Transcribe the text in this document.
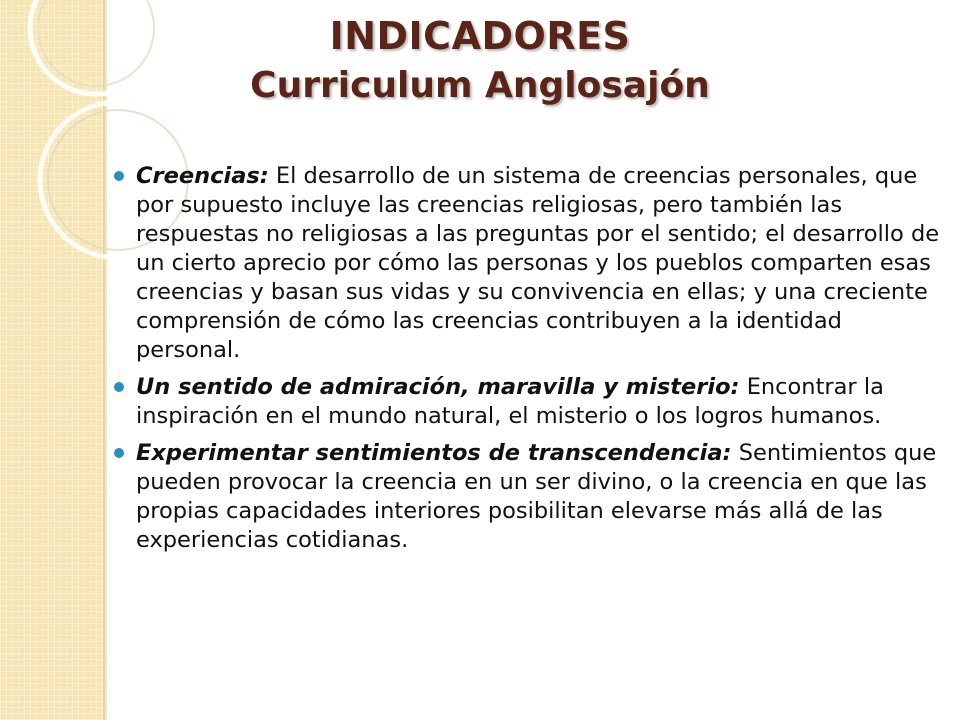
INDICADORES
Curriculum Anglosajón
Creencias: El desarrollo de un sistema de creencias personales, que por supuesto incluye las creencias religiosas, pero también las respuestas no religiosas a las preguntas por el sentido; el desarrollo de un cierto aprecio por cómo las personas y los pueblos comparten esas creencias y basan sus vidas y su convivencia en ellas; y una creciente comprensión de cómo las creencias contribuyen a la identidad personal.
Un sentido de admiración, maravilla y misterio: Encontrar la inspiración en el mundo natural, el misterio o los logros humanos.
Experimentar sentimientos de transcendencia: Sentimientos que pueden provocar la creencia en un ser divino, o la creencia en que las propias capacidades interiores posibilitan elevarse más allá de las experiencias cotidianas.
